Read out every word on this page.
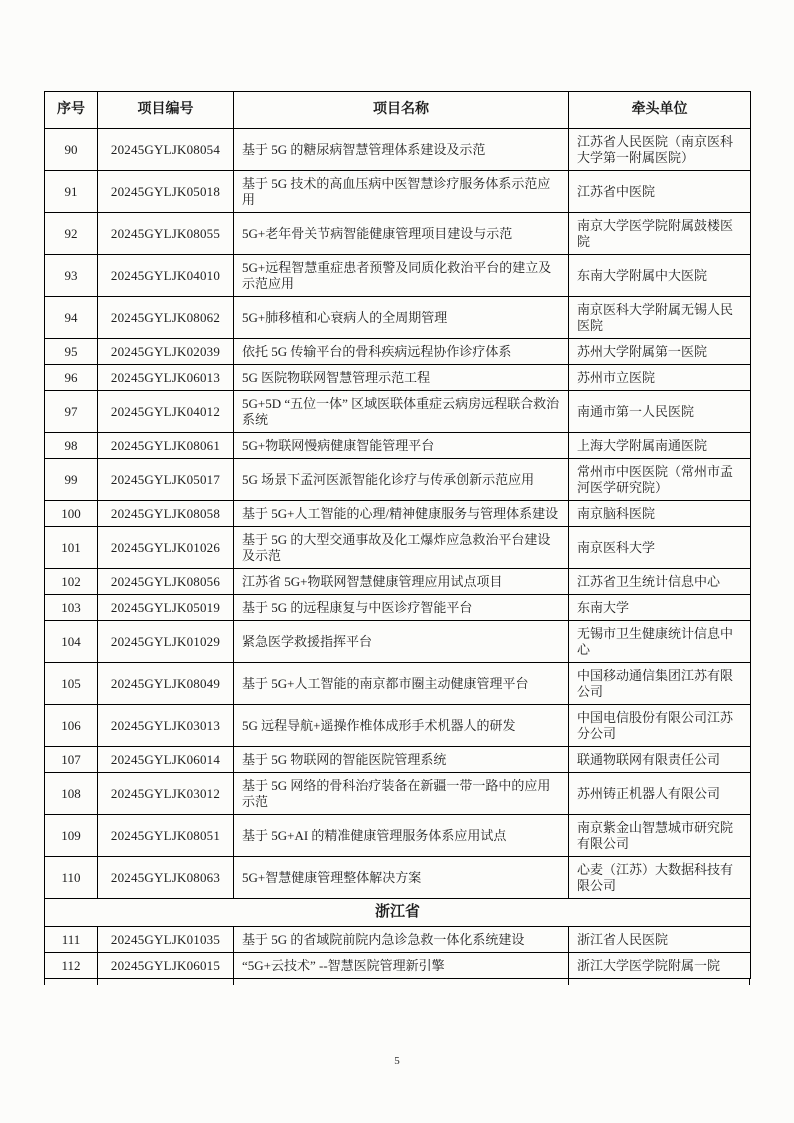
序号	项目编号	项目名称	牵头单位
90	20245GYLJK08054	基于 5G 的糖尿病智慧管理体系建设及示范	江苏省人民医院（南京医科大学第一附属医院）
91	20245GYLJK05018	基于 5G 技术的高血压病中医智慧诊疗服务体系示范应用	江苏省中医院
92	20245GYLJK08055	5G+老年骨关节病智能健康管理项目建设与示范	南京大学医学院附属鼓楼医院
93	20245GYLJK04010	5G+远程智慧重症患者预警及同质化救治平台的建立及示范应用	东南大学附属中大医院
94	20245GYLJK08062	5G+肺移植和心衰病人的全周期管理	南京医科大学附属无锡人民医院
95	20245GYLJK02039	依托 5G 传输平台的骨科疾病远程协作诊疗体系	苏州大学附属第一医院
96	20245GYLJK06013	5G 医院物联网智慧管理示范工程	苏州市立医院
97	20245GYLJK04012	5G+5D “五位一体” 区域医联体重症云病房远程联合救治系统	南通市第一人民医院
98	20245GYLJK08061	5G+物联网慢病健康智能管理平台	上海大学附属南通医院
99	20245GYLJK05017	5G 场景下孟河医派智能化诊疗与传承创新示范应用	常州市中医医院（常州市孟河医学研究院）
100	20245GYLJK08058	基于 5G+人工智能的心理/精神健康服务与管理体系建设	南京脑科医院
101	20245GYLJK01026	基于 5G 的大型交通事故及化工爆炸应急救治平台建设及示范	南京医科大学
102	20245GYLJK08056	江苏省 5G+物联网智慧健康管理应用试点项目	江苏省卫生统计信息中心
103	20245GYLJK05019	基于 5G 的远程康复与中医诊疗智能平台	东南大学
104	20245GYLJK01029	紧急医学救援指挥平台	无锡市卫生健康统计信息中心
105	20245GYLJK08049	基于 5G+人工智能的南京都市圈主动健康管理平台	中国移动通信集团江苏有限公司
106	20245GYLJK03013	5G 远程导航+遥操作椎体成形手术机器人的研发	中国电信股份有限公司江苏分公司
107	20245GYLJK06014	基于 5G 物联网的智能医院管理系统	联通物联网有限责任公司
108	20245GYLJK03012	基于 5G 网络的骨科治疗装备在新疆一带一路中的应用示范	苏州铸正机器人有限公司
109	20245GYLJK08051	基于 5G+AI 的精准健康管理服务体系应用试点	南京紫金山智慧城市研究院有限公司
110	20245GYLJK08063	5G+智慧健康管理整体解决方案	心麦（江苏）大数据科技有限公司
浙江省			
111	20245GYLJK01035	基于 5G 的省域院前院内急诊急救一体化系统建设	浙江省人民医院
112	20245GYLJK06015	“5G+云技术” --智慧医院管理新引擎	浙江大学医学院附属一院
5
